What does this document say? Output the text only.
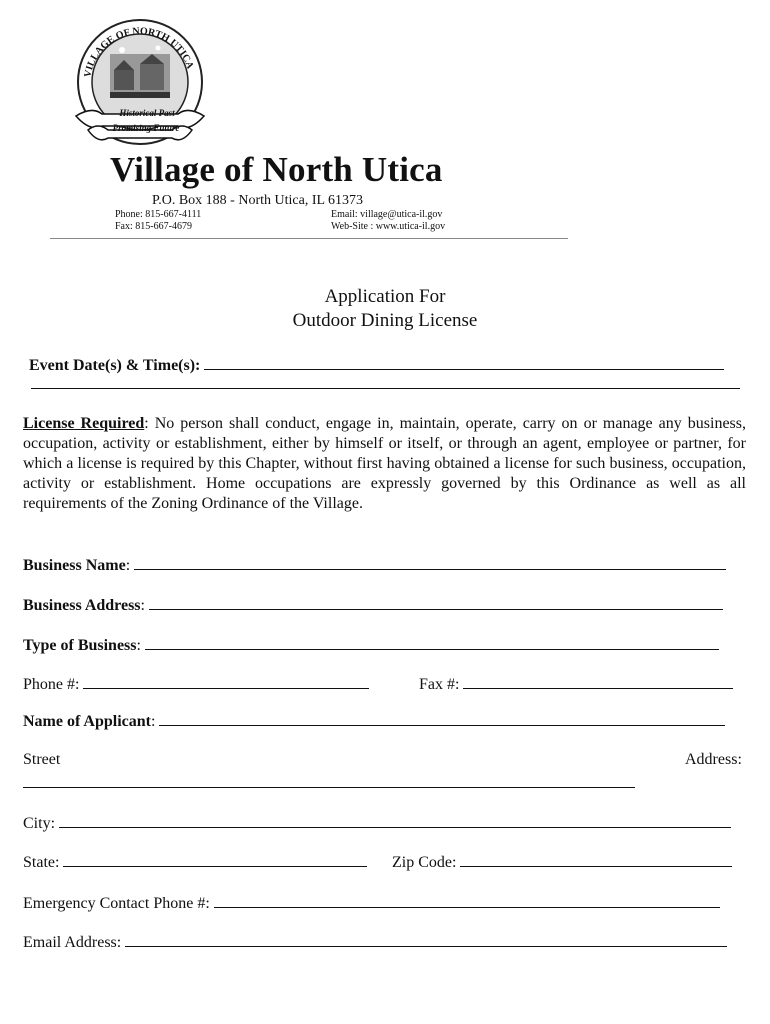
VILLAGE OF NORTH UTICA
Historical Past
Promising Future
Village of North Utica
P.O. Box 188 - North Utica, IL 61373
Phone: 815-667-4111
Fax: 815-667-4679
Email: village@utica-il.gov
Web-Site : www.utica-il.gov
Application For
Outdoor Dining License
Event Date(s) & Time(s):
License Required: No person shall conduct, engage in, maintain, operate, carry on or manage any business, occupation, activity or establishment, either by himself or itself, or through an agent, employee or partner, for which a license is required by this Chapter, without first having obtained a license for such business, occupation, activity or establishment. Home occupations are expressly governed by this Ordinance as well as all requirements of the Zoning Ordinance of the Village.
Business Name:
Business Address:
Type of Business:
Phone #:	Fax #:
Name of Applicant:
Street	Address:
City:
State:	Zip Code:
Emergency Contact Phone #:
Email Address:
